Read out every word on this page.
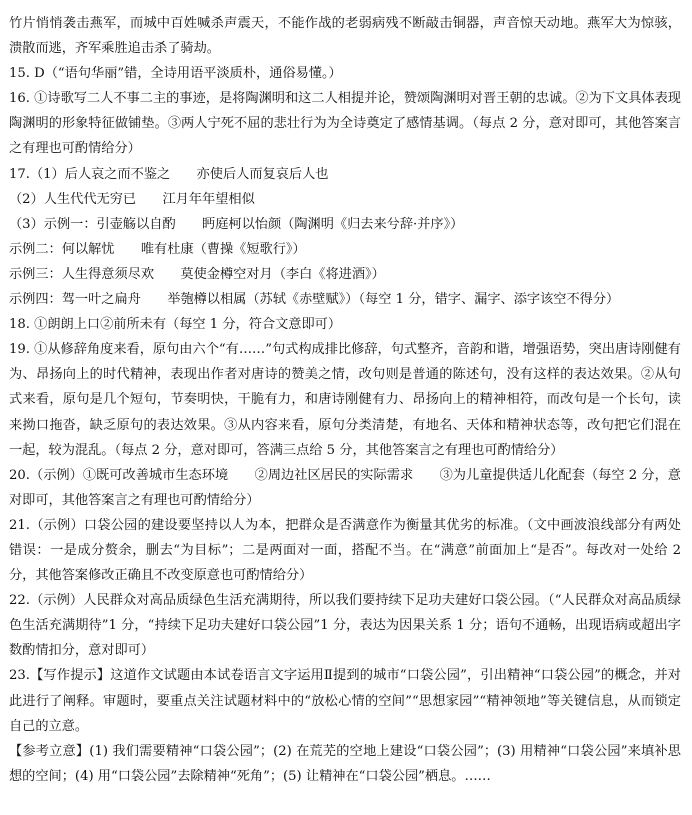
竹片悄悄袭击燕军，而城中百姓喊杀声震天，不能作战的老弱病残不断敲击铜器，声音惊天动地。燕军大为惊骇，溃散而逃，齐军乘胜追击杀了骑劫。

15. D（“语句华丽”错，全诗用语平淡质朴，通俗易懂。）

16. ①诗歌写二人不事二主的事迹，是将陶渊明和这二人相提并论，赞颂陶渊明对晋王朝的忠诚。②为下文具体表现陶渊明的形象特征做铺垫。③两人宁死不屈的悲壮行为为全诗奠定了感情基调。（每点 2 分，意对即可，其他答案言之有理也可酌情给分）

17.（1）后人哀之而不鉴之　　亦使后人而复哀后人也

（2）人生代代无穷已　　江月年年望相似

（3）示例一：引壶觞以自酌　　眄庭柯以怡颜（陶渊明《归去来兮辞·并序》）

示例二：何以解忧　　唯有杜康（曹操《短歌行》）

示例三：人生得意须尽欢　　莫使金樽空对月（李白《将进酒》）

示例四：驾一叶之扁舟　　举匏樽以相属（苏轼《赤壁赋》）（每空 1 分，错字、漏字、添字该空不得分）

18. ①朗朗上口②前所未有（每空 1 分，符合文意即可）

19. ①从修辞角度来看，原句由六个“有……”句式构成排比修辞，句式整齐，音韵和谐，增强语势，突出唐诗刚健有为、昂扬向上的时代精神，表现出作者对唐诗的赞美之情，改句则是普通的陈述句，没有这样的表达效果。②从句式来看，原句是几个短句，节奏明快，干脆有力，和唐诗刚健有力、昂扬向上的精神相符，而改句是一个长句，读来拗口拖沓，缺乏原句的表达效果。③从内容来看，原句分类清楚，有地名、天体和精神状态等，改句把它们混在一起，较为混乱。（每点 2 分，意对即可，答满三点给 5 分，其他答案言之有理也可酌情给分）

20.（示例）①既可改善城市生态环境　　②周边社区居民的实际需求　　③为儿童提供适儿化配套（每空 2 分，意对即可，其他答案言之有理也可酌情给分）

21.（示例）口袋公园的建设要坚持以人为本，把群众是否满意作为衡量其优劣的标准。（文中画波浪线部分有两处错误：一是成分赘余，删去“为目标”；二是两面对一面，搭配不当。在“满意”前面加上“是否”。每改对一处给 2 分，其他答案修改正确且不改变原意也可酌情给分）

22.（示例）人民群众对高品质绿色生活充满期待，所以我们要持续下足功夫建好口袋公园。（“人民群众对高品质绿色生活充满期待”1 分，“持续下足功夫建好口袋公园”1 分，表达为因果关系 1 分；语句不通畅，出现语病或超出字数酌情扣分，意对即可）

23.【写作提示】这道作文试题由本试卷语言文字运用Ⅱ提到的城市“口袋公园”，引出精神“口袋公园”的概念，并对此进行了阐释。审题时，要重点关注试题材料中的“放松心情的空间”“思想家园”“精神领地”等关键信息，从而锁定自己的立意。

【参考立意】(1) 我们需要精神“口袋公园”；(2) 在荒芜的空地上建设“口袋公园”；(3) 用精神“口袋公园”来填补思想的空间；(4) 用“口袋公园”去除精神“死角”；(5) 让精神在“口袋公园”栖息。……
